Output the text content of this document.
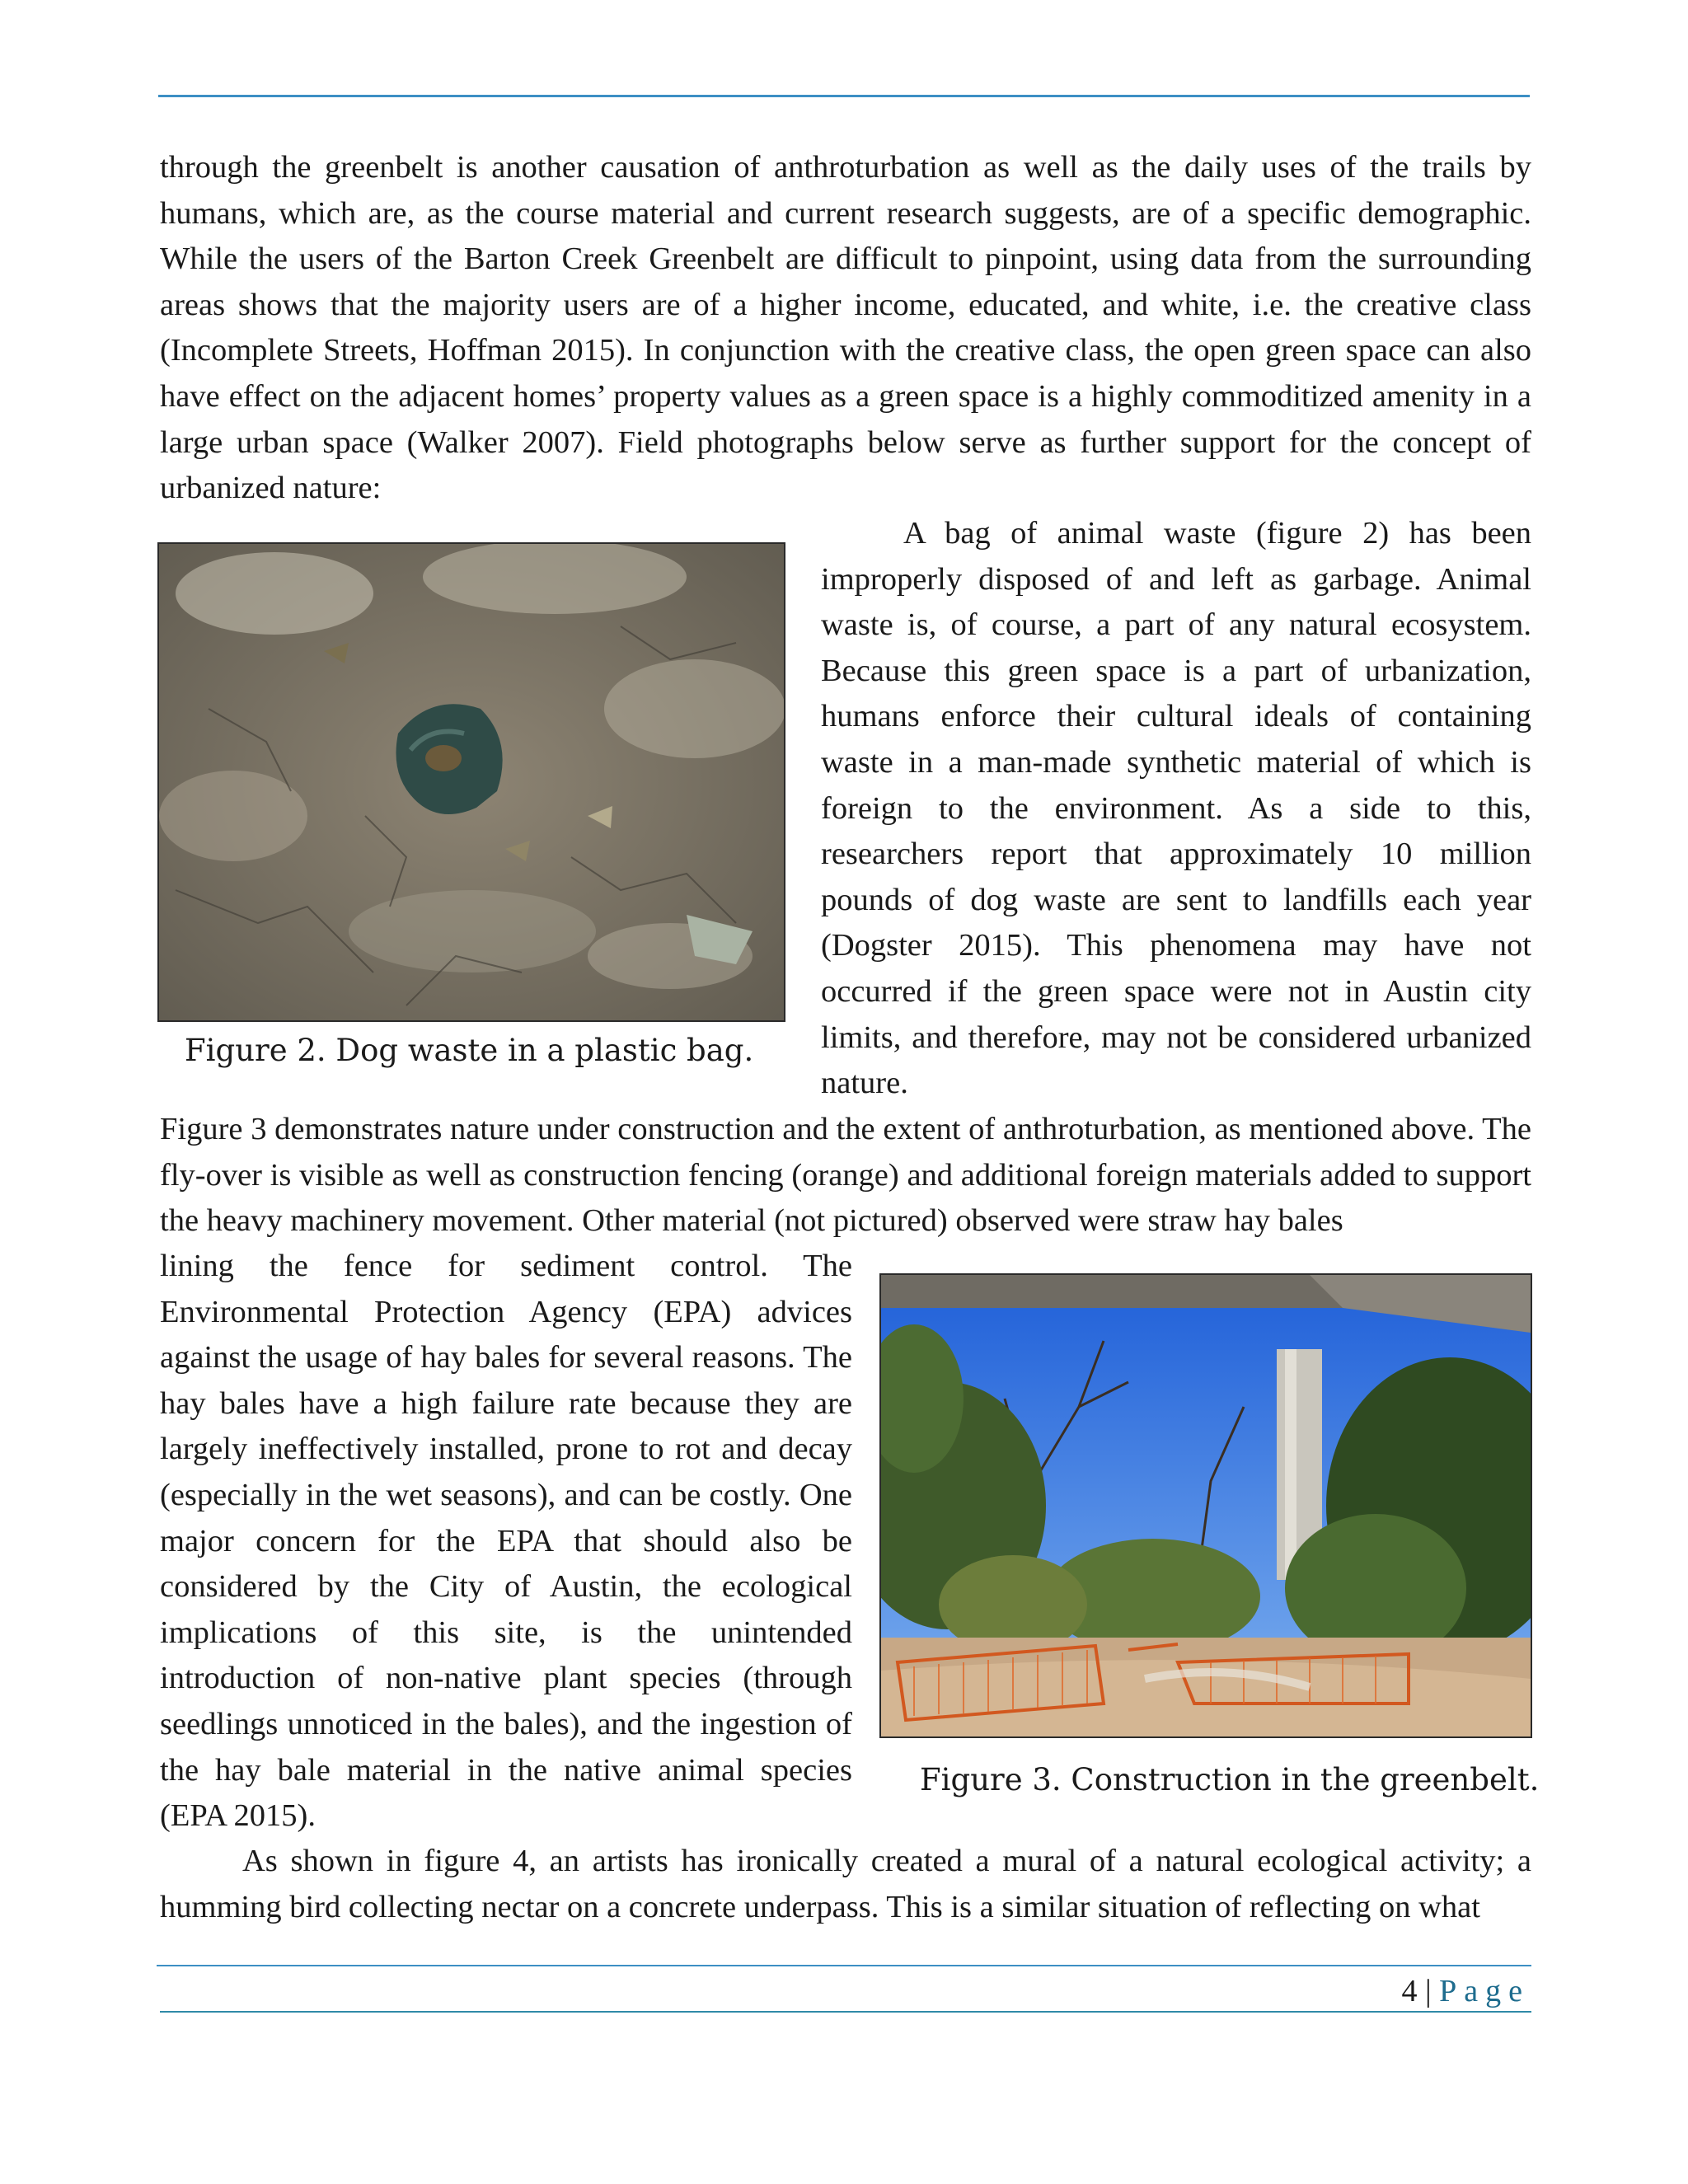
through the greenbelt is another causation of anthroturbation as well as the daily uses of the trails by humans, which are, as the course material and current research suggests, are of a specific demographic. While the users of the Barton Creek Greenbelt are difficult to pinpoint, using data from the surrounding areas shows that the majority users are of a higher income, educated, and white, i.e. the creative class (Incomplete Streets, Hoffman 2015). In conjunction with the creative class, the open green space can also have effect on the adjacent homes’ property values as a green space is a highly commoditized amenity in a large urban space (Walker 2007). Field photographs below serve as further support for the concept of urbanized nature:

Figure 2. Dog waste in a plastic bag.

A bag of animal waste (figure 2) has been improperly disposed of and left as garbage. Animal waste is, of course, a part of any natural ecosystem. Because this green space is a part of urbanization, humans enforce their cultural ideals of containing waste in a man-made synthetic material of which is foreign to the environment. As a side to this, researchers report that approximately 10 million pounds of dog waste are sent to landfills each year (Dogster 2015). This phenomena may have not occurred if the green space were not in Austin city limits, and therefore, may not be considered urbanized nature.

Figure 3 demonstrates nature under construction and the extent of anthroturbation, as mentioned above. The fly-over is visible as well as construction fencing (orange) and additional foreign materials added to support the heavy machinery movement. Other material (not pictured) observed were straw hay bales

lining the fence for sediment control. The Environmental Protection Agency (EPA) advices against the usage of hay bales for several reasons. The hay bales have a high failure rate because they are largely ineffectively installed, prone to rot and decay (especially in the wet seasons), and can be costly. One major concern for the EPA that should also be considered by the City of Austin, the ecological implications of this site, is the unintended introduction of non-native plant species (through seedlings unnoticed in the bales), and the ingestion of the hay bale material in the native animal species (EPA 2015).

Figure 3. Construction in the greenbelt.

As shown in figure 4, an artists has ironically created a mural of a natural ecological activity; a humming bird collecting nectar on a concrete underpass. This is a similar situation of reflecting on what

4 | Page
